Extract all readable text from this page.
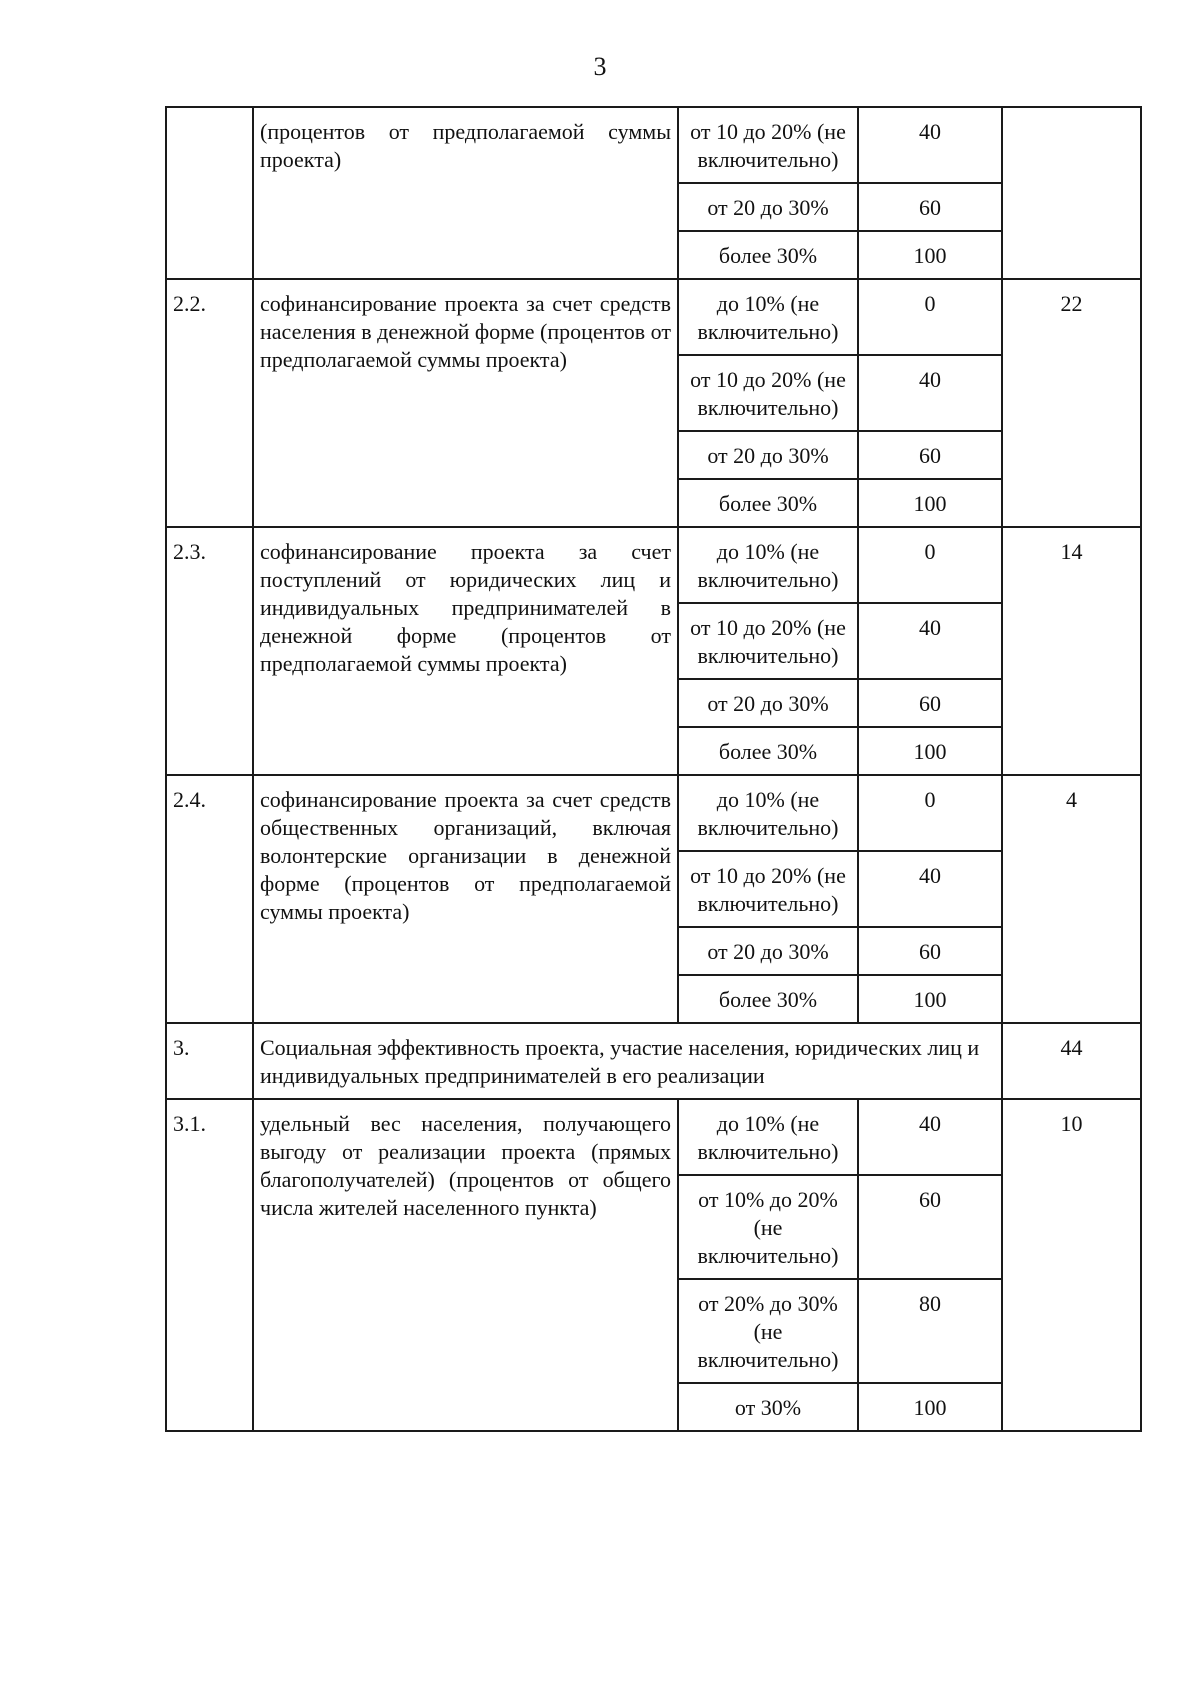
3
	(процентов от предполагаемой суммы проекта)	от 10 до 20% (не включительно)	40	
		от 20 до 30%	60	
		более 30%	100	
2.2.	софинансирование проекта за счет средств населения в денежной форме (процентов от предполагаемой суммы проекта)	до 10% (не включительно)	0	22
		от 10 до 20% (не включительно)	40	
		от 20 до 30%	60	
		более 30%	100	
2.3.	софинансирование проекта за счет поступлений от юридических лиц и индивидуальных предпринимателей в денежной форме (процентов от предполагаемой суммы проекта)	до 10% (не включительно)	0	14
		от 10 до 20% (не включительно)	40	
		от 20 до 30%	60	
		более 30%	100	
2.4.	софинансирование проекта за счет средств общественных организаций, включая волонтерские организации в денежной форме (процентов от предполагаемой суммы проекта)	до 10% (не включительно)	0	4
		от 10 до 20% (не включительно)	40	
		от 20 до 30%	60	
		более 30%	100	
3.	Социальная эффективность проекта, участие населения, юридических лиц и индивидуальных предпринимателей в его реализации			44
3.1.	удельный вес населения, получающего выгоду от реализации проекта (прямых благополучателей) (процентов от общего числа жителей населенного пункта)	до 10% (не включительно)	40	10
		от 10% до 20% (не включительно)	60	
		от 20% до 30% (не включительно)	80	
		от 30%	100	
